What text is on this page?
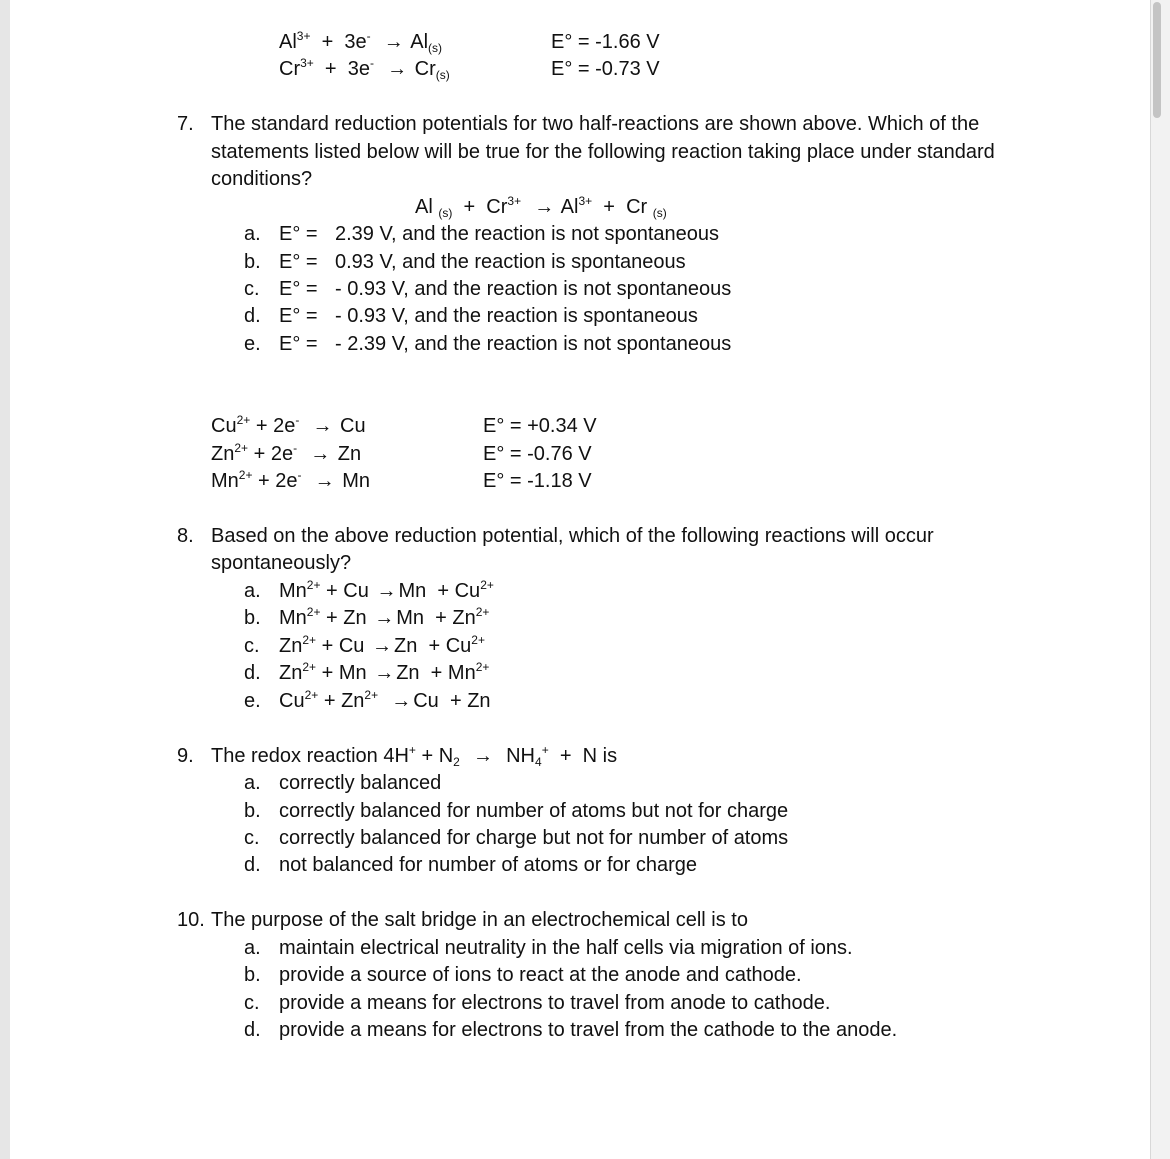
$Al^{3+} + 3e^- \to Al_{(s)}$	E° = -1.66 V
$Cr^{3+} + 3e^- \to Cr_{(s)}$	E° = -0.73 V
7. The standard reduction potentials for two half-reactions are shown above. Which of the
statements listed below will be true for the following reaction taking place under standard
conditions?
Al $_{(s)} + Cr^{3+} \to Al^{3+} + Cr$ $_{(s)}$
a. E° = 2.39 V, and the reaction is not spontaneous
b. E° = 0.93 V, and the reaction is spontaneous
c. E° = - 0.93 V, and the reaction is not spontaneous
d. E° = - 0.93 V, and the reaction is spontaneous
e. E° = - 2.39 V, and the reaction is not spontaneous
$Cu^{2+} + 2e^- \to Cu$	E° = +0.34 V
$Zn^{2+} + 2e^- \to Zn$	E° = -0.76 V
$Mn^{2+} + 2e^- \to Mn$	E° = -1.18 V
8. Based on the above reduction potential, which of the following reactions will occur
spontaneously?
a. $Mn^{2+} + Cu \to Mn + Cu^{2+}$
b. $Mn^{2+} + Zn \to Mn + Zn^{2+}$
c. $Zn^{2+} + Cu \to Zn + Cu^{2+}$
d. $Zn^{2+} + Mn \to Zn + Mn^{2+}$
e. $Cu^{2+} + Zn^{2+} \to Cu + Zn$
9. The redox reaction $4H^+ + N_2 \to NH_4^+ + N$ is
a. correctly balanced
b. correctly balanced for number of atoms but not for charge
c. correctly balanced for charge but not for number of atoms
d. not balanced for number of atoms or for charge
10. The purpose of the salt bridge in an electrochemical cell is to
a. maintain electrical neutrality in the half cells via migration of ions.
b. provide a source of ions to react at the anode and cathode.
c. provide a means for electrons to travel from anode to cathode.
d. provide a means for electrons to travel from the cathode to the anode.
